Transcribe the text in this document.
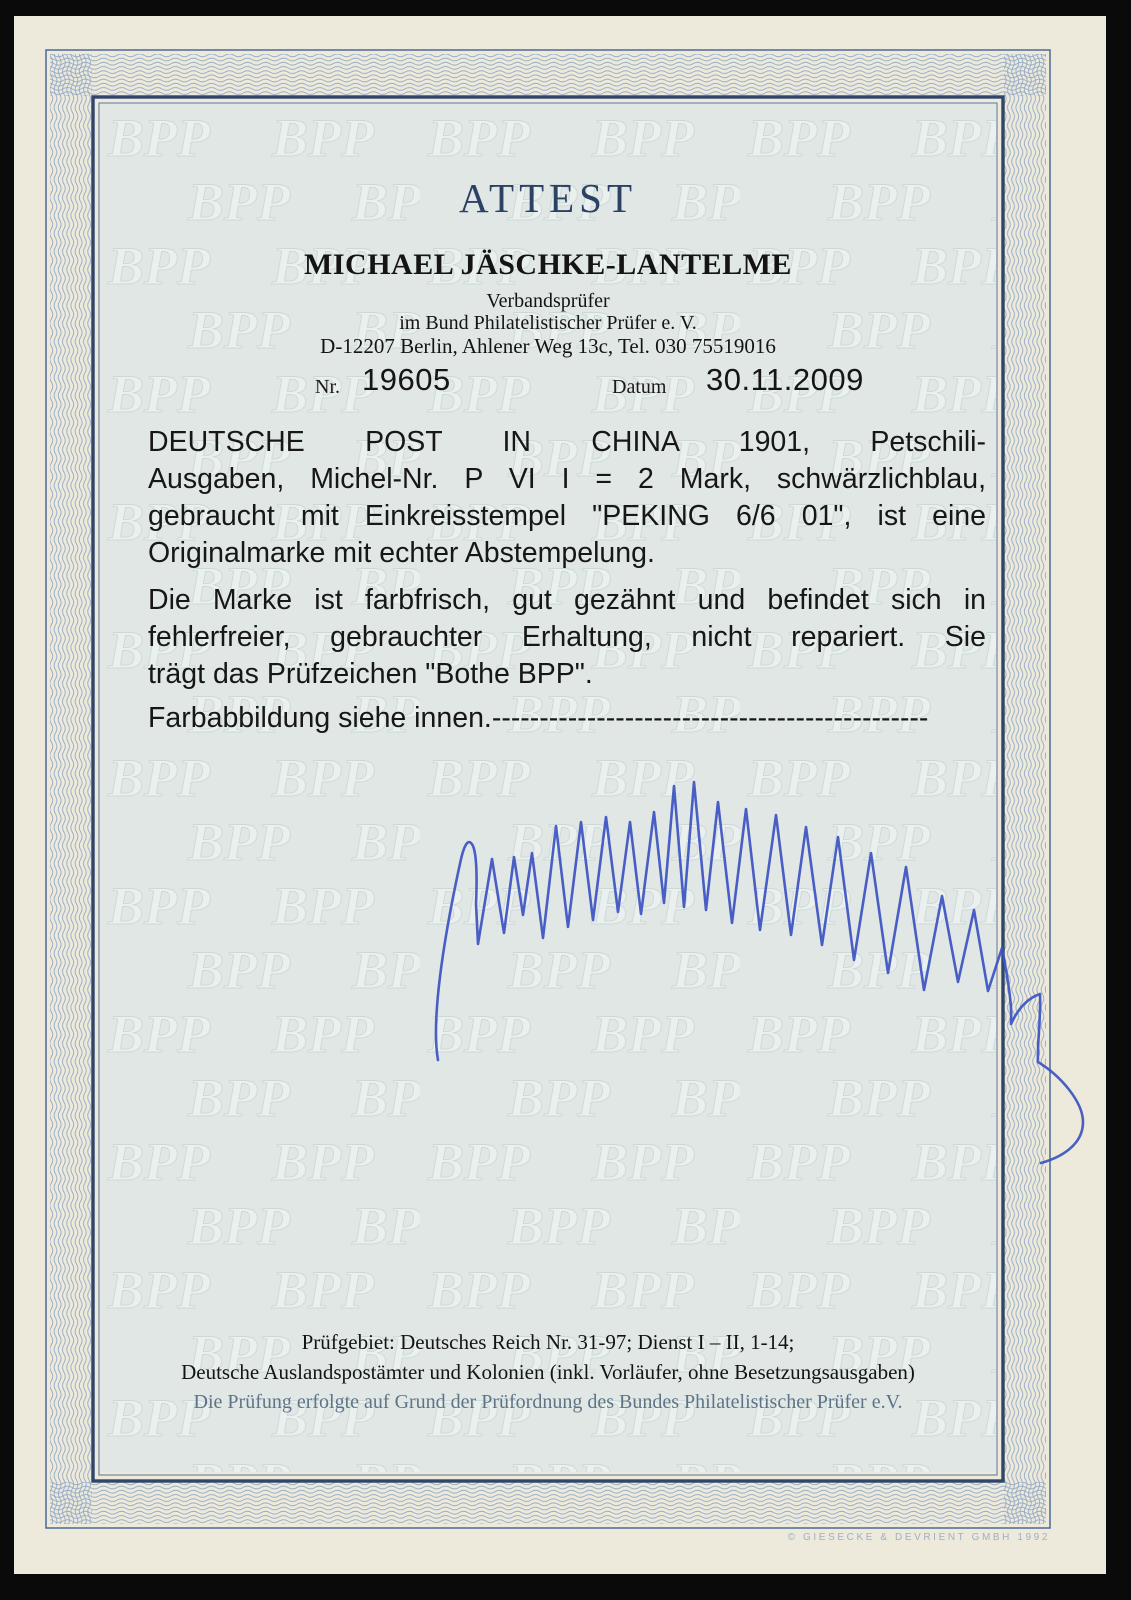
ATTEST
MICHAEL JÄSCHKE-LANTELME
Verbandsprüfer
im Bund Philatelistischer Prüfer e. V.
D-12207 Berlin, Ahlener Weg 13c, Tel. 030 75519016
Nr. 19605	Datum 30.11.2009
DEUTSCHE POST IN CHINA 1901, Petschili-
Ausgaben, Michel-Nr. P VI I = 2 Mark, schwärzlichblau,
gebraucht mit Einkreisstempel "PEKING 6/6 01", ist eine
Originalmarke mit echter Abstempelung.
Die Marke ist farbfrisch, gut gezähnt und befindet sich in
fehlerfreier, gebrauchter Erhaltung, nicht repariert. Sie
trägt das Prüfzeichen "Bothe BPP".
Farbabbildung siehe innen.----------------------------------------------
Prüfgebiet: Deutsches Reich Nr. 31-97; Dienst I – II, 1-14;
Deutsche Auslandspostämter und Kolonien (inkl. Vorläufer, ohne Besetzungsausgaben)
Die Prüfung erfolgte auf Grund der Prüfordnung des Bundes Philatelistischer Prüfer e.V.
© GIESECKE & DEVRIENT GMBH 1992
